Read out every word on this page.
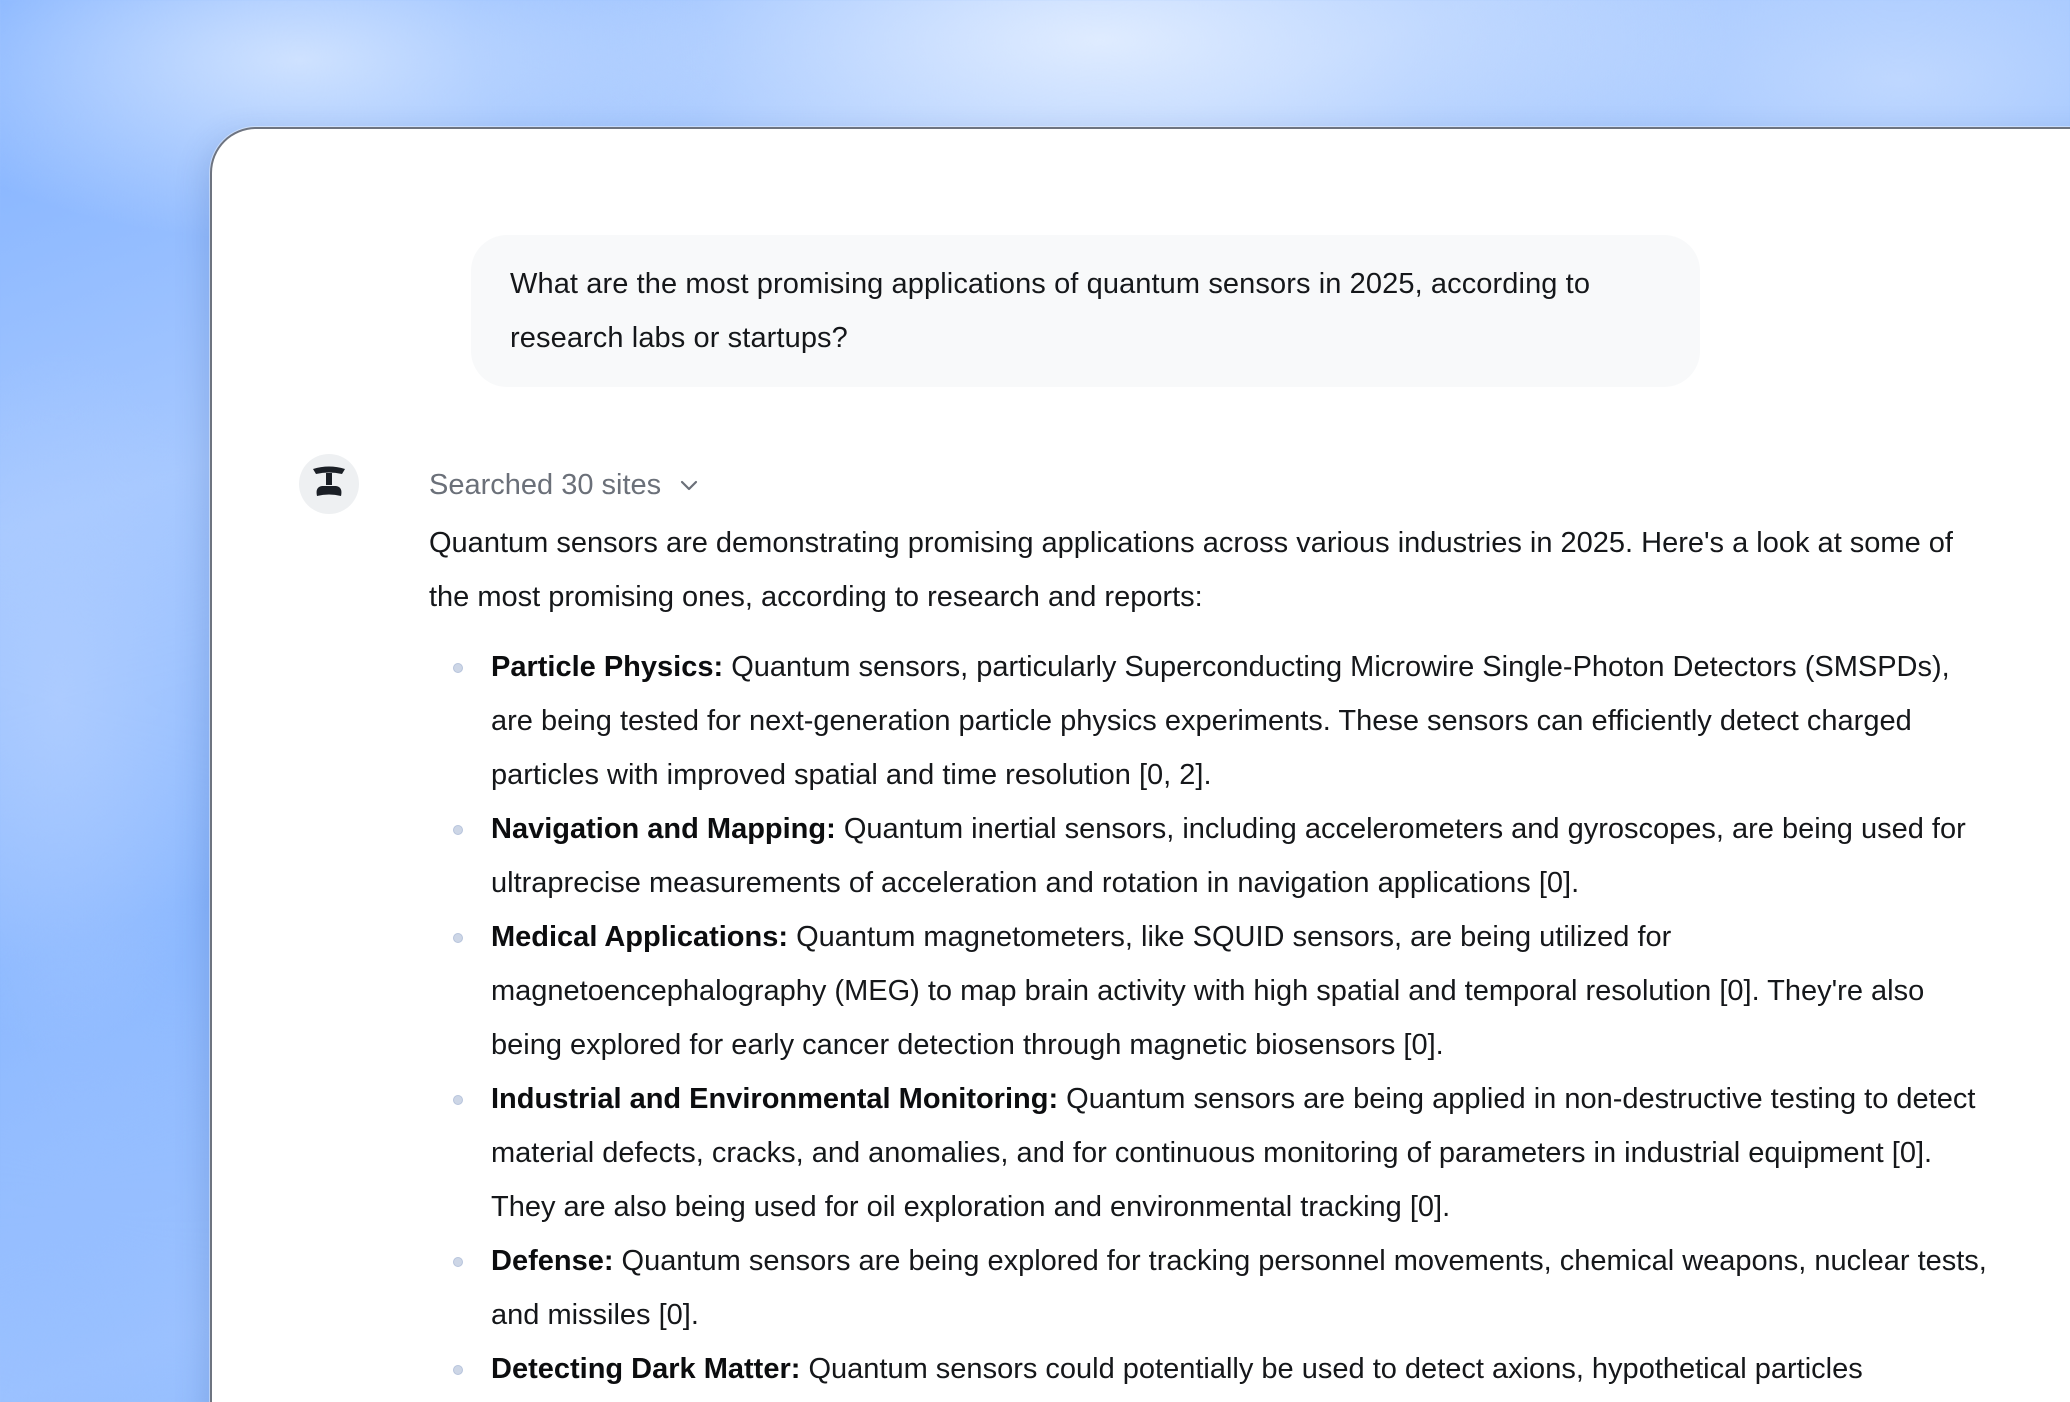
What are the most promising applications of quantum sensors in 2025, according to research labs or startups?
Searched 30 sites

Quantum sensors are demonstrating promising applications across various industries in 2025. Here's a look at some of the most promising ones, according to research and reports:

Particle Physics: Quantum sensors, particularly Superconducting Microwire Single-Photon Detectors (SMSPDs), are being tested for next-generation particle physics experiments. These sensors can efficiently detect charged particles with improved spatial and time resolution [0, 2].
Navigation and Mapping: Quantum inertial sensors, including accelerometers and gyroscopes, are being used for ultraprecise measurements of acceleration and rotation in navigation applications [0].
Medical Applications: Quantum magnetometers, like SQUID sensors, are being utilized for magnetoencephalography (MEG) to map brain activity with high spatial and temporal resolution [0]. They're also being explored for early cancer detection through magnetic biosensors [0].
Industrial and Environmental Monitoring: Quantum sensors are being applied in non-destructive testing to detect material defects, cracks, and anomalies, and for continuous monitoring of parameters in industrial equipment [0]. They are also being used for oil exploration and environmental tracking [0].
Defense: Quantum sensors are being explored for tracking personnel movements, chemical weapons, nuclear tests, and missiles [0].
Detecting Dark Matter: Quantum sensors could potentially be used to detect axions, hypothetical particles
